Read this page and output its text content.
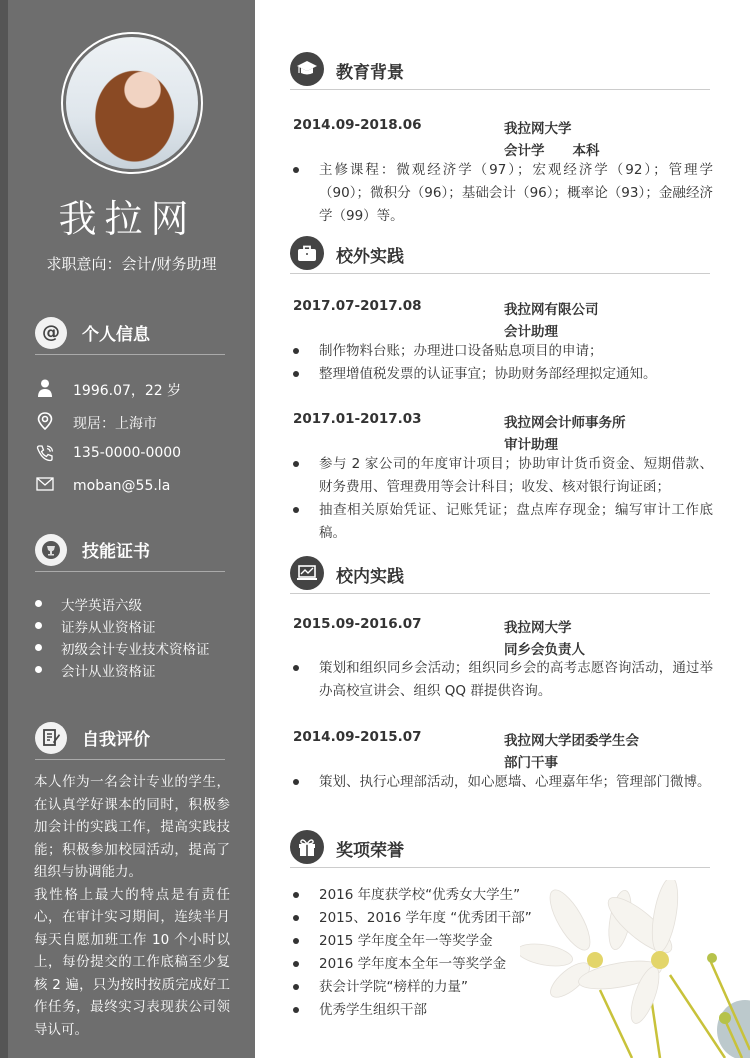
我拉网
求职意向：会计/财务助理
@	个人信息
1996.07，22 岁
现居：上海市
135-0000-0000
moban@55.la
技能证书
大学英语六级
证券从业资格证
初级会计专业技术资格证
会计从业资格证
自我评价

本人作为一名会计专业的学生，在认真学好课本的同时，积极参加会计的实践工作，提高实践技能；积极参加校园活动，提高了组织与协调能力。

我性格上最大的特点是有责任心，在审计实习期间，连续半月每天自愿加班工作 10 个小时以上，每份提交的工作底稿至少复核 2 遍，只为按时按质完成好工作任务，最终实习表现获公司领导认可。

教育背景
2014.09-2018.06	我拉网大学
会计学 本科
主修课程：微观经济学（97）；宏观经济学（92）；管理学（90）；微积分（96）；基础会计（96）；概率论（93）；金融经济学（99）等。
校外实践
2017.07-2017.08	我拉网有限公司
会计助理
制作物料台账；办理进口设备贴息项目的申请；
整理增值税发票的认证事宜；协助财务部经理拟定通知。
2017.01-2017.03	我拉网会计师事务所
审计助理
参与 2 家公司的年度审计项目；协助审计货币资金、短期借款、财务费用、管理费用等会计科目；收发、核对银行询证函；
抽查相关原始凭证、记账凭证；盘点库存现金；编写审计工作底稿。
校内实践
2015.09-2016.07	我拉网大学
同乡会负责人
策划和组织同乡会活动；组织同乡会的高考志愿咨询活动，通过举办高校宣讲会、组织 QQ 群提供咨询。
2014.09-2015.07	我拉网大学团委学生会
部门干事
策划、执行心理部活动，如心愿墙、心理嘉年华；管理部门微博。
奖项荣誉
2016 年度获学校“优秀女大学生”
2015、2016 学年度 “优秀团干部”
2015 学年度全年一等奖学金
2016 学年度本全年一等奖学金
获会计学院“榜样的力量”
优秀学生组织干部
